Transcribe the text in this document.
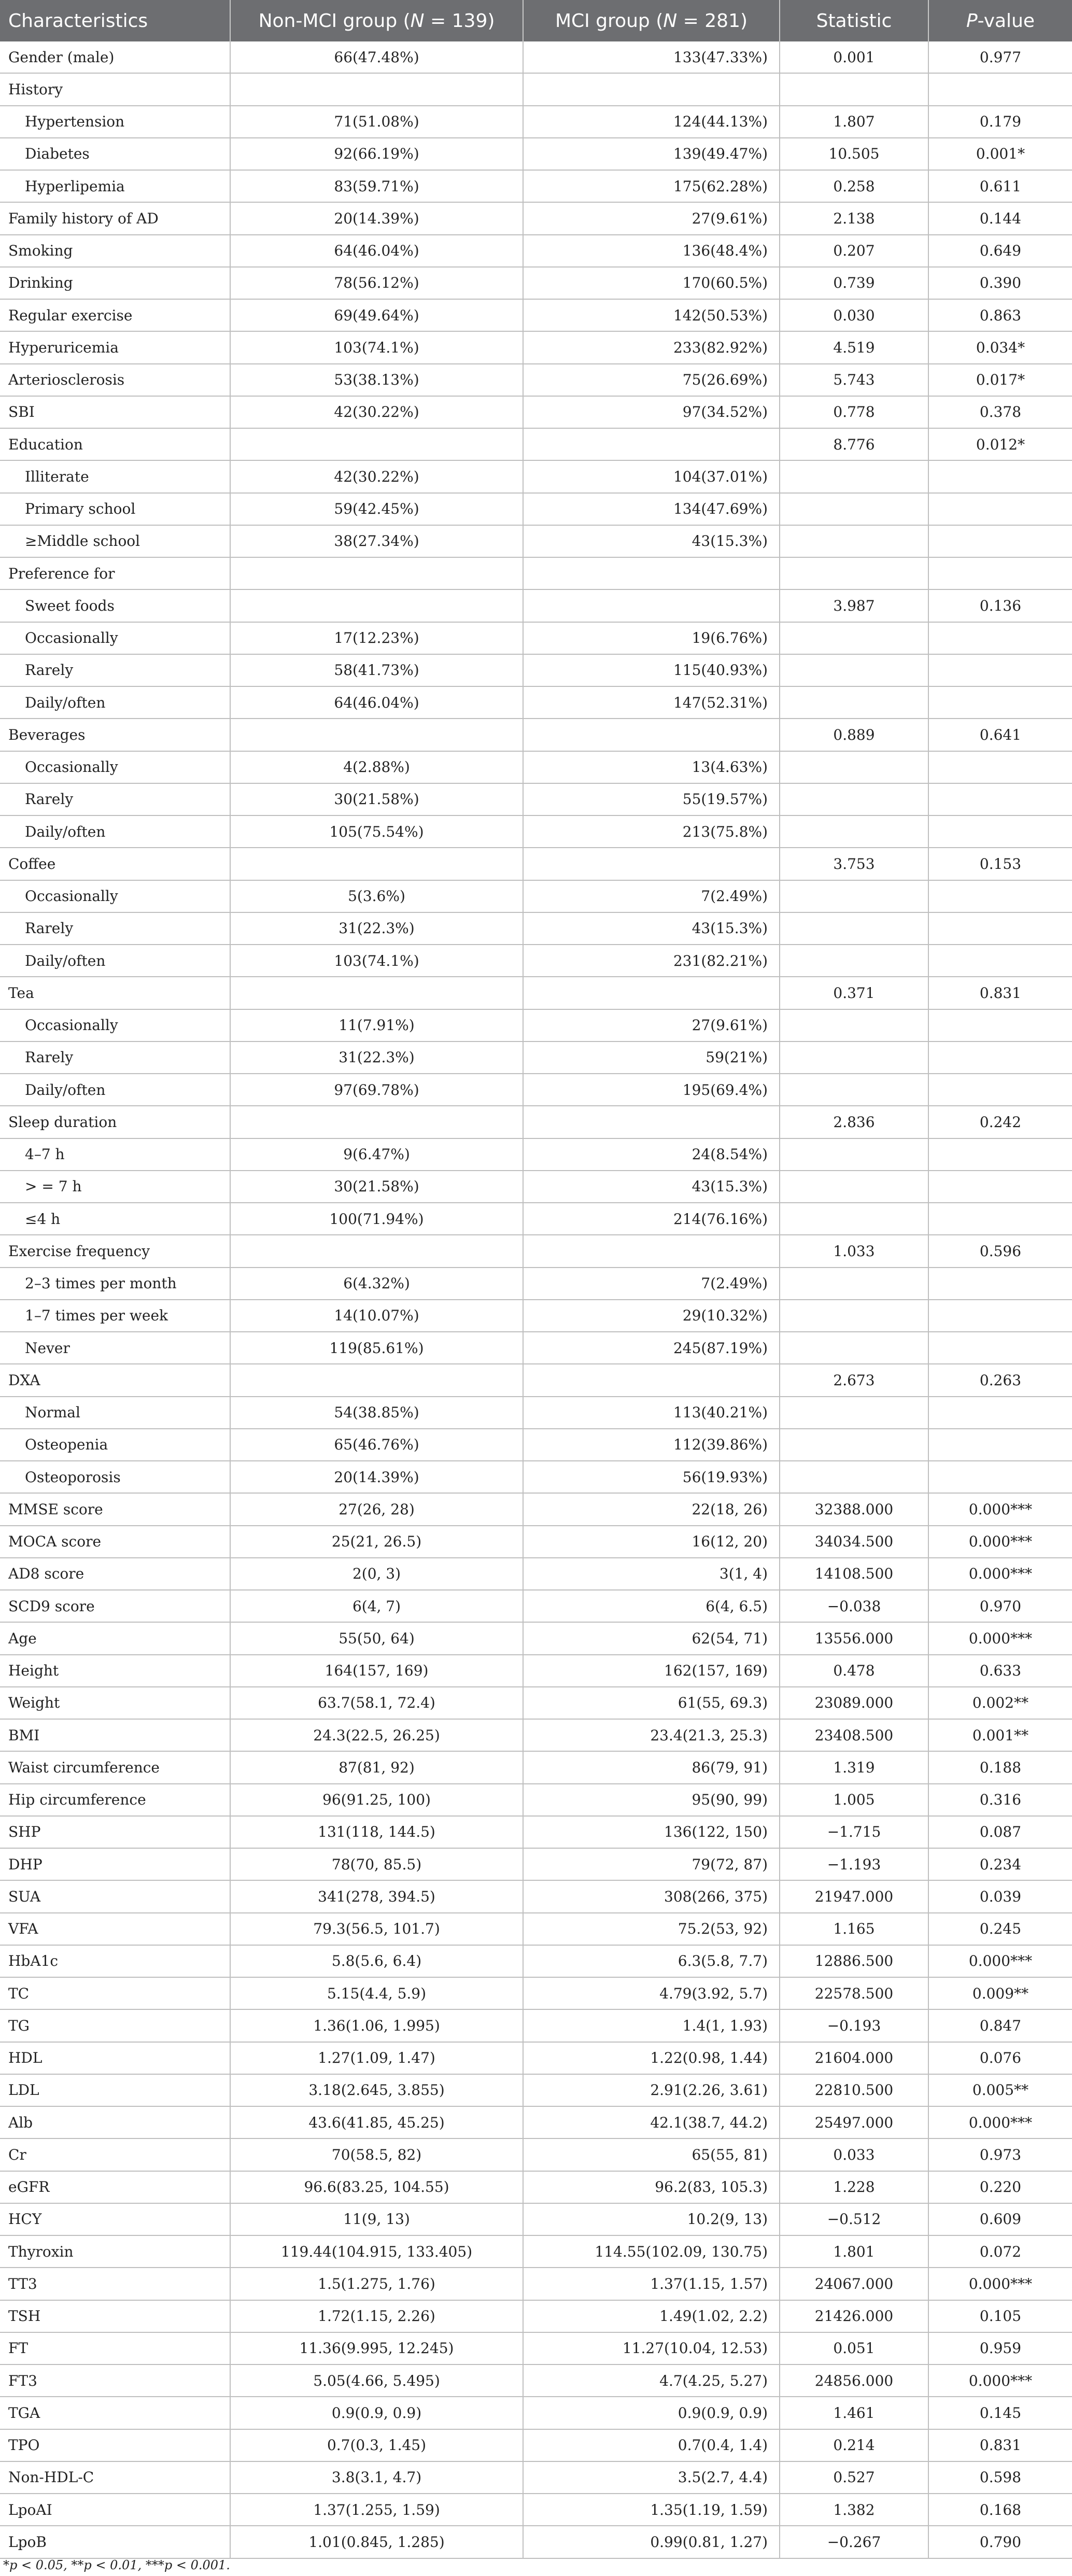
Characteristics	Non-MCI group (N = 139)	MCI group (N = 281)	Statistic	P-value
Gender (male)	66(47.48%)	133(47.33%)	0.001	0.977
History				
Hypertension	71(51.08%)	124(44.13%)	1.807	0.179
Diabetes	92(66.19%)	139(49.47%)	10.505	0.001*
Hyperlipemia	83(59.71%)	175(62.28%)	0.258	0.611
Family history of AD	20(14.39%)	27(9.61%)	2.138	0.144
Smoking	64(46.04%)	136(48.4%)	0.207	0.649
Drinking	78(56.12%)	170(60.5%)	0.739	0.390
Regular exercise	69(49.64%)	142(50.53%)	0.030	0.863
Hyperuricemia	103(74.1%)	233(82.92%)	4.519	0.034*
Arteriosclerosis	53(38.13%)	75(26.69%)	5.743	0.017*
SBI	42(30.22%)	97(34.52%)	0.778	0.378
Education			8.776	0.012*
Illiterate	42(30.22%)	104(37.01%)		
Primary school	59(42.45%)	134(47.69%)		
≥Middle school	38(27.34%)	43(15.3%)		
Preference for				
Sweet foods			3.987	0.136
Occasionally	17(12.23%)	19(6.76%)		
Rarely	58(41.73%)	115(40.93%)		
Daily/often	64(46.04%)	147(52.31%)		
Beverages			0.889	0.641
Occasionally	4(2.88%)	13(4.63%)		
Rarely	30(21.58%)	55(19.57%)		
Daily/often	105(75.54%)	213(75.8%)		
Coffee			3.753	0.153
Occasionally	5(3.6%)	7(2.49%)		
Rarely	31(22.3%)	43(15.3%)		
Daily/often	103(74.1%)	231(82.21%)		
Tea			0.371	0.831
Occasionally	11(7.91%)	27(9.61%)		
Rarely	31(22.3%)	59(21%)		
Daily/often	97(69.78%)	195(69.4%)		
Sleep duration			2.836	0.242
4–7 h	9(6.47%)	24(8.54%)		
> = 7 h	30(21.58%)	43(15.3%)		
≤4 h	100(71.94%)	214(76.16%)		
Exercise frequency			1.033	0.596
2–3 times per month	6(4.32%)	7(2.49%)		
1–7 times per week	14(10.07%)	29(10.32%)		
Never	119(85.61%)	245(87.19%)		
DXA			2.673	0.263
Normal	54(38.85%)	113(40.21%)		
Osteopenia	65(46.76%)	112(39.86%)		
Osteoporosis	20(14.39%)	56(19.93%)		
MMSE score	27(26, 28)	22(18, 26)	32388.000	0.000***
MOCA score	25(21, 26.5)	16(12, 20)	34034.500	0.000***
AD8 score	2(0, 3)	3(1, 4)	14108.500	0.000***
SCD9 score	6(4, 7)	6(4, 6.5)	−0.038	0.970
Age	55(50, 64)	62(54, 71)	13556.000	0.000***
Height	164(157, 169)	162(157, 169)	0.478	0.633
Weight	63.7(58.1, 72.4)	61(55, 69.3)	23089.000	0.002**
BMI	24.3(22.5, 26.25)	23.4(21.3, 25.3)	23408.500	0.001**
Waist circumference	87(81, 92)	86(79, 91)	1.319	0.188
Hip circumference	96(91.25, 100)	95(90, 99)	1.005	0.316
SHP	131(118, 144.5)	136(122, 150)	−1.715	0.087
DHP	78(70, 85.5)	79(72, 87)	−1.193	0.234
SUA	341(278, 394.5)	308(266, 375)	21947.000	0.039
VFA	79.3(56.5, 101.7)	75.2(53, 92)	1.165	0.245
HbA1c	5.8(5.6, 6.4)	6.3(5.8, 7.7)	12886.500	0.000***
TC	5.15(4.4, 5.9)	4.79(3.92, 5.7)	22578.500	0.009**
TG	1.36(1.06, 1.995)	1.4(1, 1.93)	−0.193	0.847
HDL	1.27(1.09, 1.47)	1.22(0.98, 1.44)	21604.000	0.076
LDL	3.18(2.645, 3.855)	2.91(2.26, 3.61)	22810.500	0.005**
Alb	43.6(41.85, 45.25)	42.1(38.7, 44.2)	25497.000	0.000***
Cr	70(58.5, 82)	65(55, 81)	0.033	0.973
eGFR	96.6(83.25, 104.55)	96.2(83, 105.3)	1.228	0.220
HCY	11(9, 13)	10.2(9, 13)	−0.512	0.609
Thyroxin	119.44(104.915, 133.405)	114.55(102.09, 130.75)	1.801	0.072
TT3	1.5(1.275, 1.76)	1.37(1.15, 1.57)	24067.000	0.000***
TSH	1.72(1.15, 2.26)	1.49(1.02, 2.2)	21426.000	0.105
FT	11.36(9.995, 12.245)	11.27(10.04, 12.53)	0.051	0.959
FT3	5.05(4.66, 5.495)	4.7(4.25, 5.27)	24856.000	0.000***
TGA	0.9(0.9, 0.9)	0.9(0.9, 0.9)	1.461	0.145
TPO	0.7(0.3, 1.45)	0.7(0.4, 1.4)	0.214	0.831
Non-HDL-C	3.8(3.1, 4.7)	3.5(2.7, 4.4)	0.527	0.598
LpoAI	1.37(1.255, 1.59)	1.35(1.19, 1.59)	1.382	0.168
LpoB	1.01(0.845, 1.285)	0.99(0.81, 1.27)	−0.267	0.790
*p < 0.05, **p < 0.01, ***p < 0.001.
